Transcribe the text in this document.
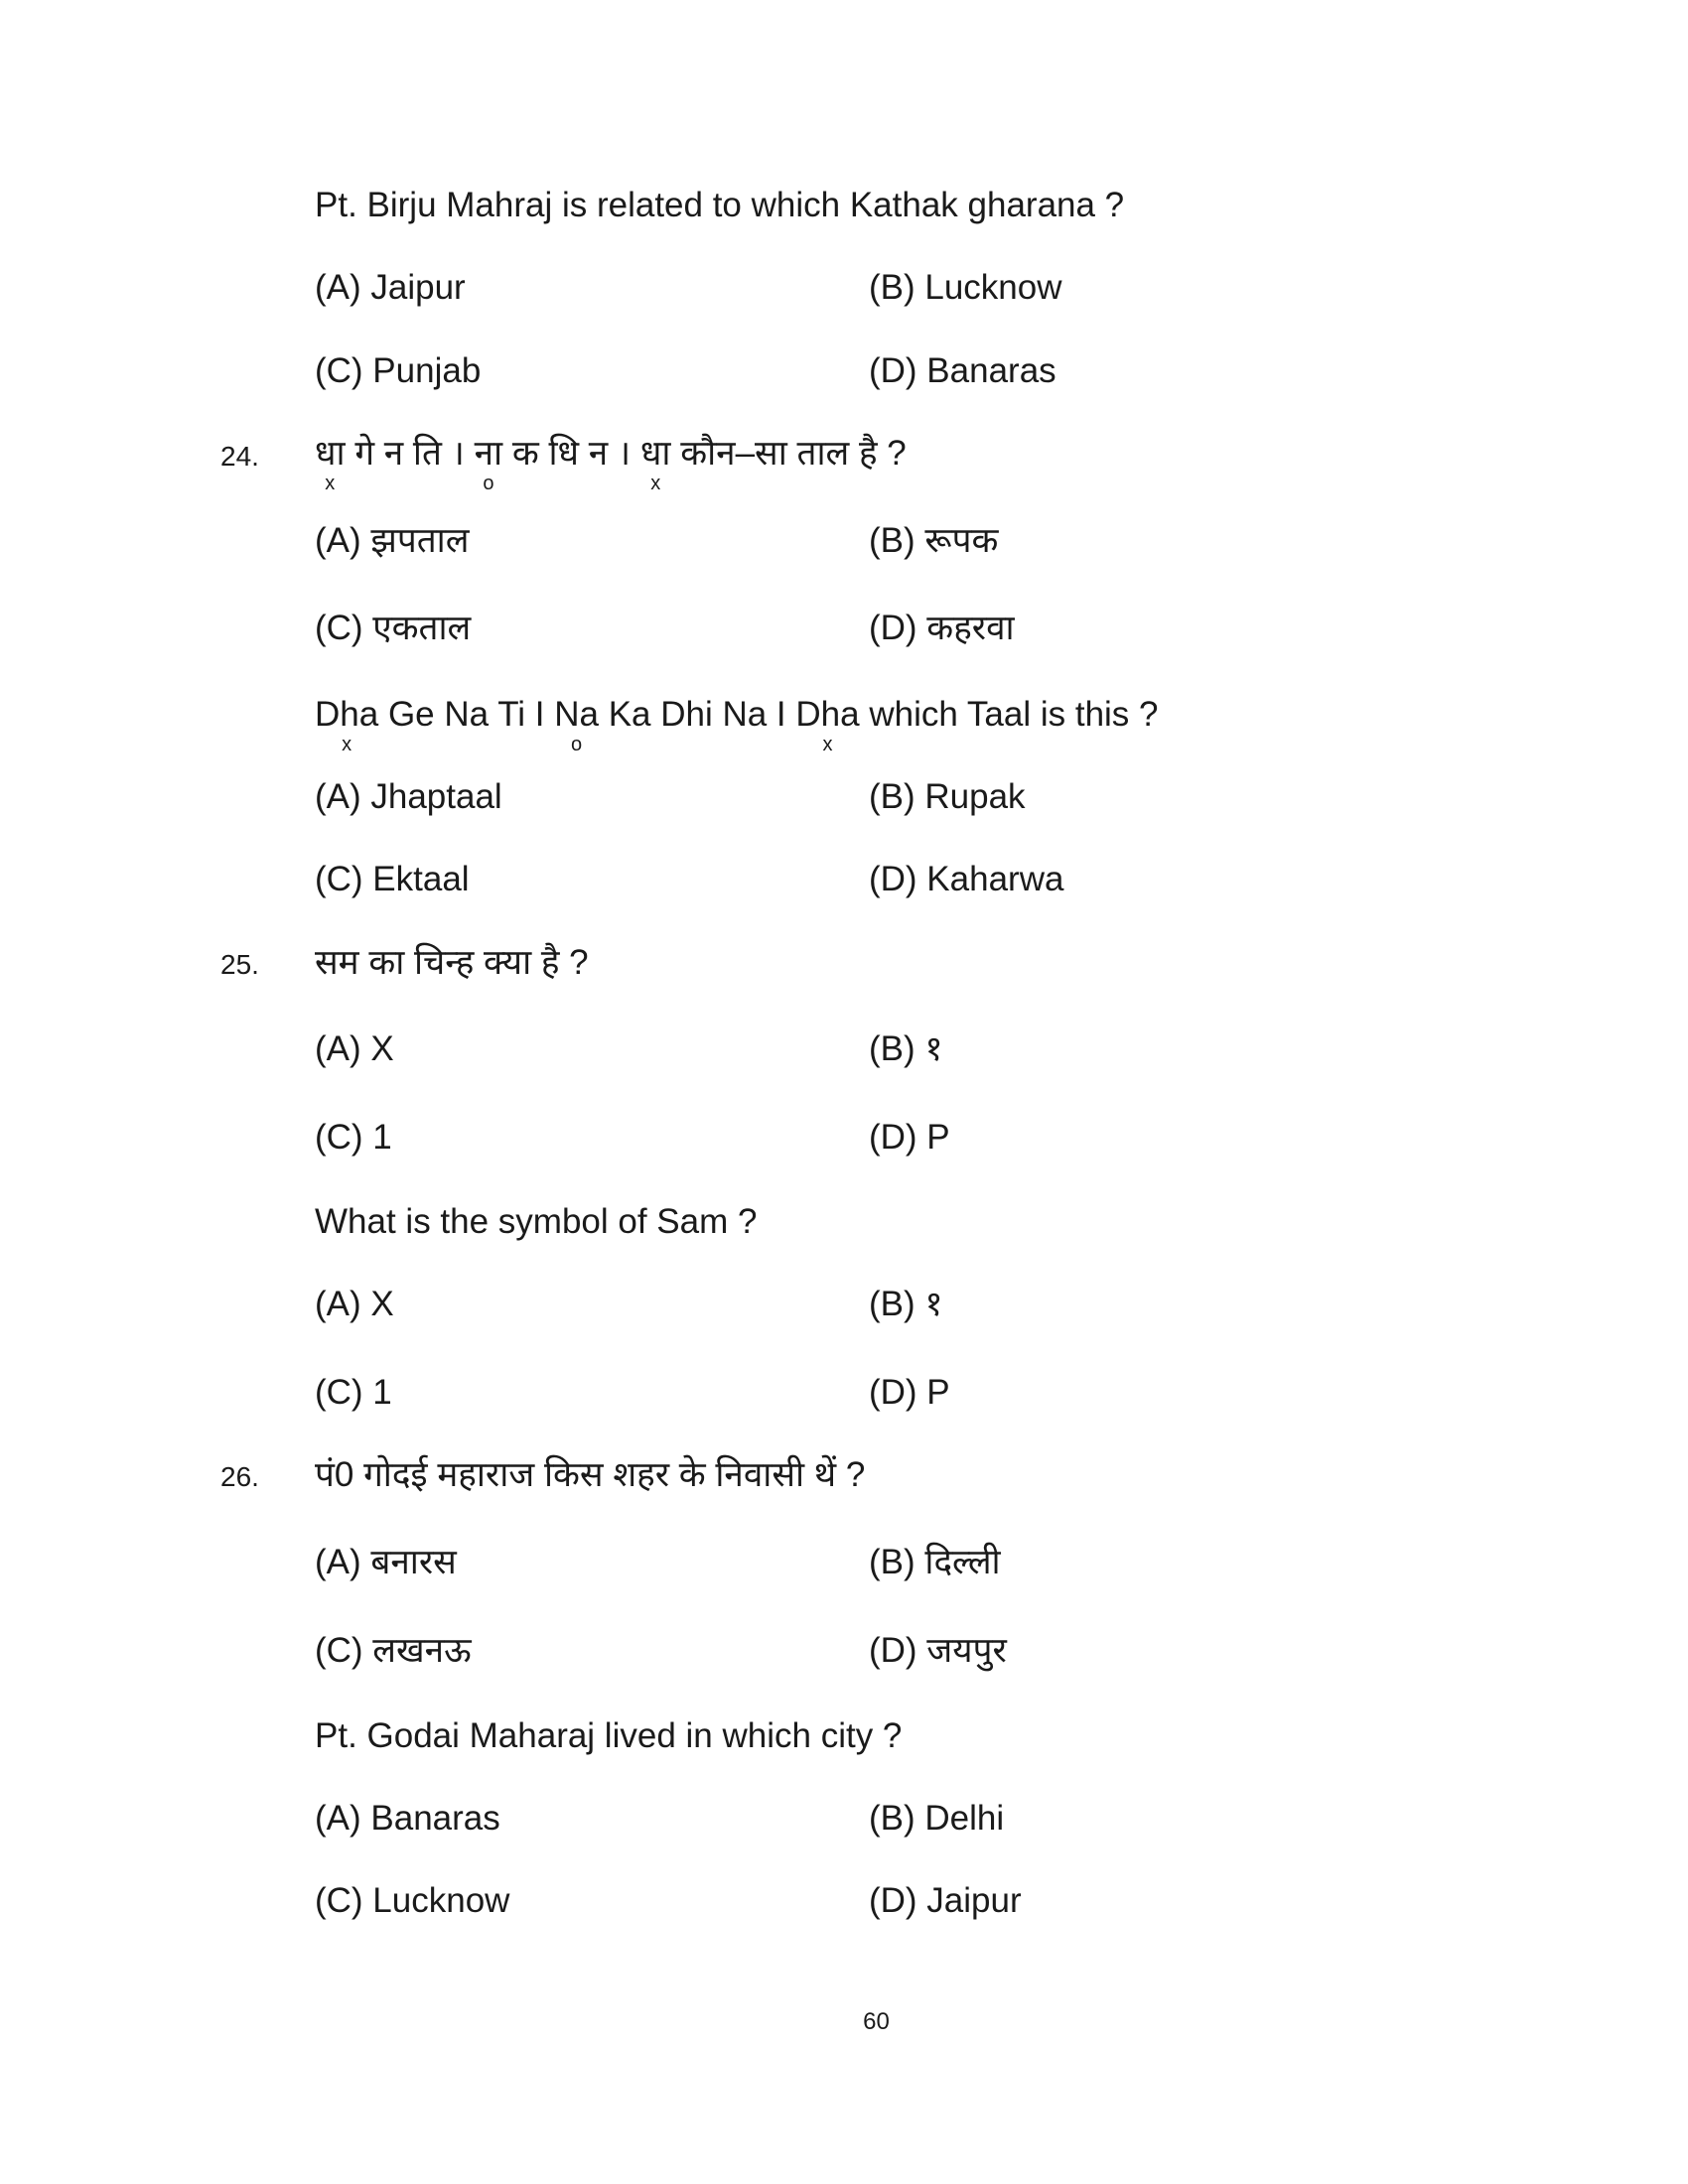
Pt. Birju Mahraj is related to which Kathak gharana ?
(A) Jaipur	(B) Lucknow
(C) Punjab	(D) Banaras
24.	धा
x
गे न ति । ना
o
क धि न । धा
x
कौन–सा ताल है ?
(A) झपताल	(B) रूपक
(C) एकताल	(D) कहरवा
Dha
x
Ge Na Ti I Na
o
Ka Dhi Na I Dha
x
which Taal is this ?
(A) Jhaptaal	(B) Rupak
(C) Ektaal	(D) Kaharwa
25.	सम का चिन्ह क्या है ?
(A) X	(B) १
(C) 1	(D) P
What is the symbol of Sam ?
(A) X	(B) १
(C) 1	(D) P
26.	पं0 गोदई महाराज किस शहर के निवासी थें ?
(A) बनारस	(B) दिल्ली
(C) लखनऊ	(D) जयपुर
Pt. Godai Maharaj lived in which city ?
(A) Banaras	(B) Delhi
(C) Lucknow	(D) Jaipur
60
